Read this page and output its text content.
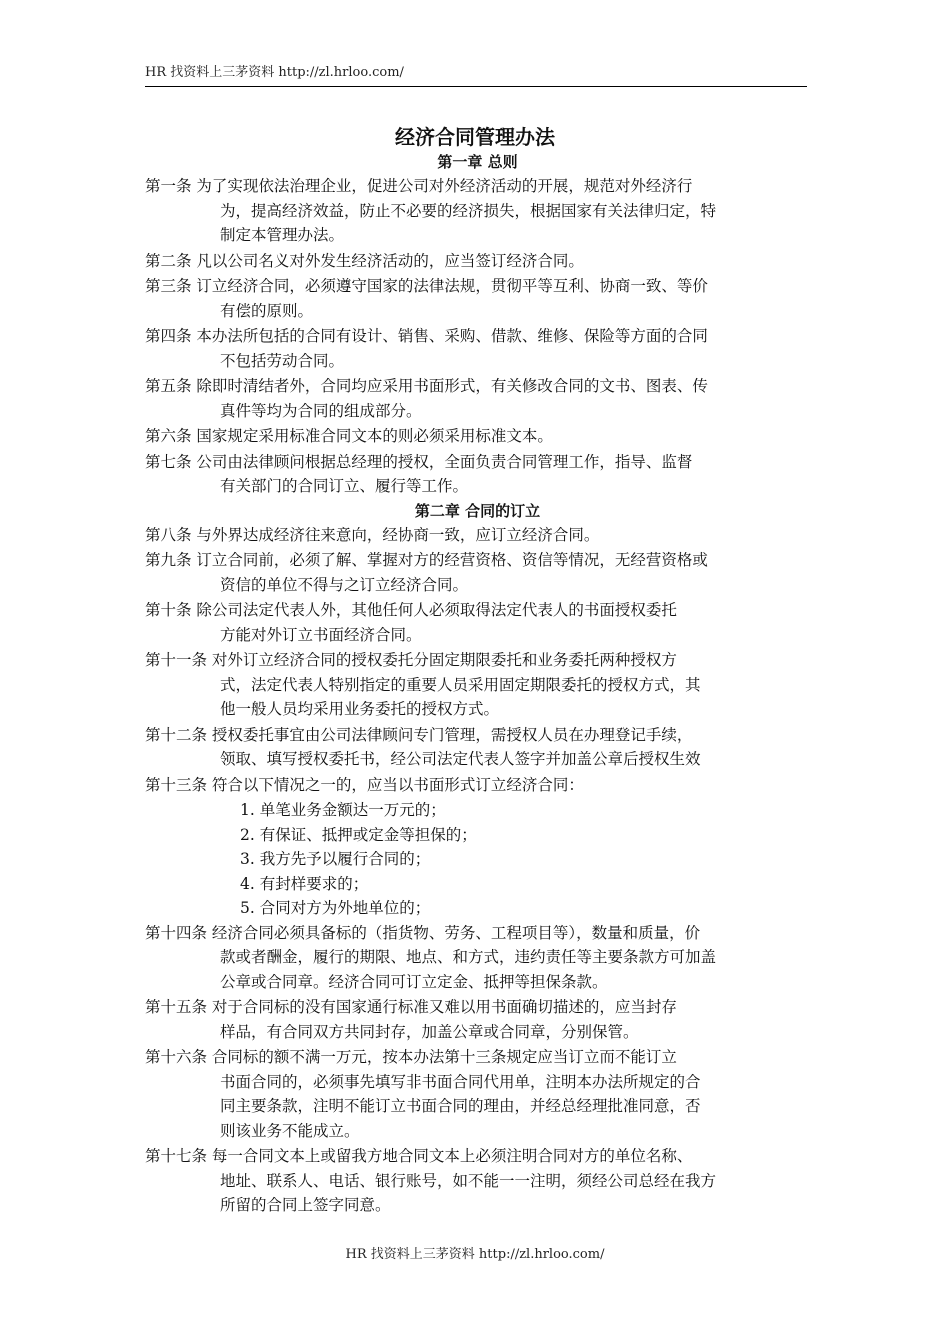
HR 找资料上三茅资料 http://zl.hrloo.com/
经济合同管理办法
第一章 总则
第一条 为了实现依法治理企业，促进公司对外经济活动的开展，规范对外经济行
为，提高经济效益，防止不必要的经济损失，根据国家有关法律归定，特
制定本管理办法。
第二条 凡以公司名义对外发生经济活动的，应当签订经济合同。
第三条 订立经济合同，必须遵守国家的法律法规，贯彻平等互利、协商一致、等价
有偿的原则。
第四条 本办法所包括的合同有设计、销售、采购、借款、维修、保险等方面的合同
不包括劳动合同。
第五条 除即时清结者外，合同均应采用书面形式，有关修改合同的文书、图表、传
真件等均为合同的组成部分。
第六条 国家规定采用标准合同文本的则必须采用标准文本。
第七条 公司由法律顾问根据总经理的授权，全面负责合同管理工作，指导、监督
有关部门的合同订立、履行等工作。
第二章 合同的订立
第八条 与外界达成经济往来意向，经协商一致，应订立经济合同。
第九条 订立合同前，必须了解、掌握对方的经营资格、资信等情况，无经营资格或
资信的单位不得与之订立经济合同。
第十条 除公司法定代表人外，其他任何人必须取得法定代表人的书面授权委托
方能对外订立书面经济合同。
第十一条 对外订立经济合同的授权委托分固定期限委托和业务委托两种授权方
式，法定代表人特别指定的重要人员采用固定期限委托的授权方式，其
他一般人员均采用业务委托的授权方式。
第十二条 授权委托事宜由公司法律顾问专门管理，需授权人员在办理登记手续，
领取、填写授权委托书，经公司法定代表人签字并加盖公章后授权生效
第十三条 符合以下情况之一的，应当以书面形式订立经济合同：
1. 单笔业务金额达一万元的；
2. 有保证、抵押或定金等担保的；
3. 我方先予以履行合同的；
4. 有封样要求的；
5. 合同对方为外地单位的；
第十四条 经济合同必须具备标的（指货物、劳务、工程项目等），数量和质量，价
款或者酬金，履行的期限、地点、和方式，违约责任等主要条款方可加盖
公章或合同章。经济合同可订立定金、抵押等担保条款。
第十五条 对于合同标的没有国家通行标准又难以用书面确切描述的，应当封存
样品，有合同双方共同封存，加盖公章或合同章，分别保管。
第十六条 合同标的额不满一万元，按本办法第十三条规定应当订立而不能订立
书面合同的，必须事先填写非书面合同代用单，注明本办法所规定的合
同主要条款，注明不能订立书面合同的理由，并经总经理批准同意，否
则该业务不能成立。
第十七条 每一合同文本上或留我方地合同文本上必须注明合同对方的单位名称、
地址、联系人、电话、银行账号，如不能一一注明，须经公司总经在我方
所留的合同上签字同意。
HR 找资料上三茅资料 http://zl.hrloo.com/
